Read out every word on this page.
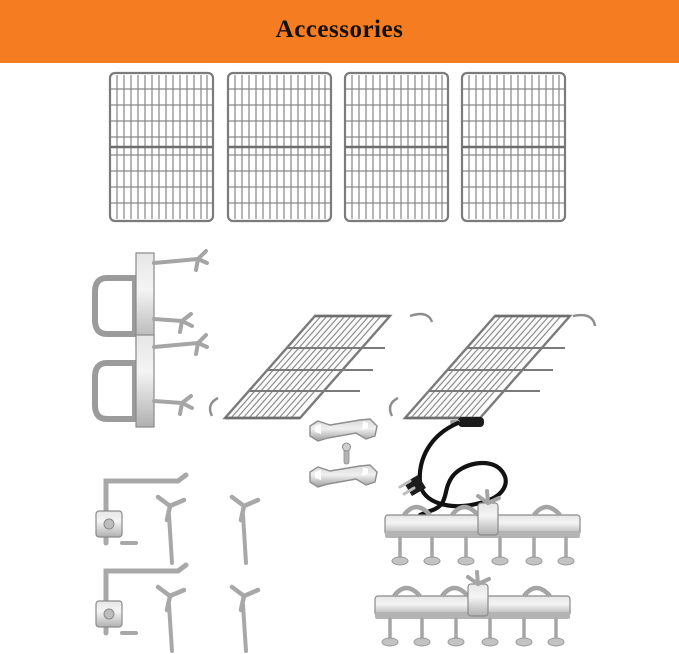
Accessories
